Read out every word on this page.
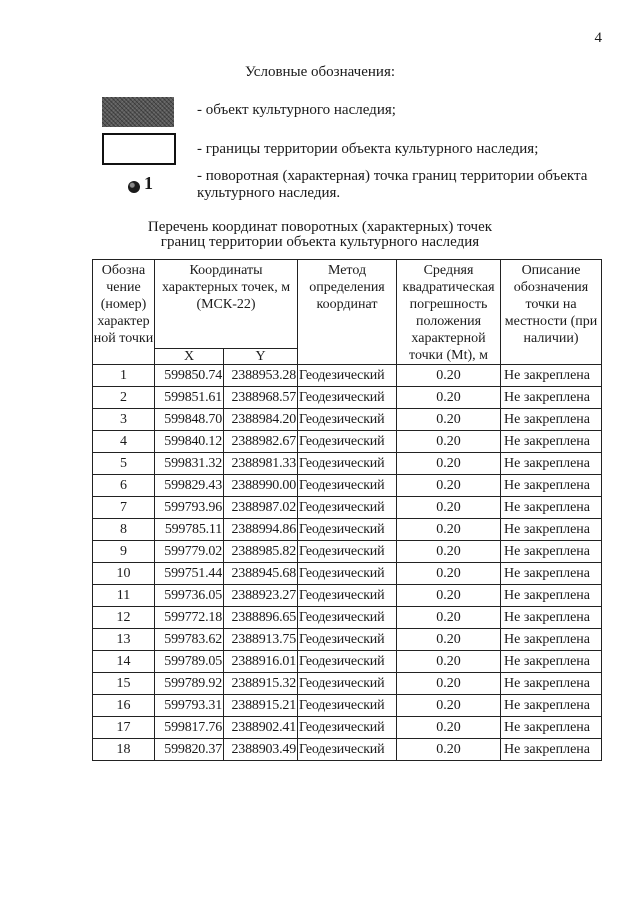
4
Условные обозначения:
- объект культурного наследия;
- границы территории объекта культурного наследия;
1	- поворотная (характерная) точка границ территории объекта культурного наследия.
Перечень координат поворотных (характерных) точек
границ территории объекта культурного наследия
Обозна чение (номер) характер ной точки	Координаты характерных точек, м (МСК-22)		Метод определения координат	Средняя квадратическая погрешность положения характерной точки (Mt), м	Описание обозначения точки на местности (при наличии)
	X	Y			
1	599850.74	2388953.28	Геодезический	0.20	Не закреплена
2	599851.61	2388968.57	Геодезический	0.20	Не закреплена
3	599848.70	2388984.20	Геодезический	0.20	Не закреплена
4	599840.12	2388982.67	Геодезический	0.20	Не закреплена
5	599831.32	2388981.33	Геодезический	0.20	Не закреплена
6	599829.43	2388990.00	Геодезический	0.20	Не закреплена
7	599793.96	2388987.02	Геодезический	0.20	Не закреплена
8	599785.11	2388994.86	Геодезический	0.20	Не закреплена
9	599779.02	2388985.82	Геодезический	0.20	Не закреплена
10	599751.44	2388945.68	Геодезический	0.20	Не закреплена
11	599736.05	2388923.27	Геодезический	0.20	Не закреплена
12	599772.18	2388896.65	Геодезический	0.20	Не закреплена
13	599783.62	2388913.75	Геодезический	0.20	Не закреплена
14	599789.05	2388916.01	Геодезический	0.20	Не закреплена
15	599789.92	2388915.32	Геодезический	0.20	Не закреплена
16	599793.31	2388915.21	Геодезический	0.20	Не закреплена
17	599817.76	2388902.41	Геодезический	0.20	Не закреплена
18	599820.37	2388903.49	Геодезический	0.20	Не закреплена
